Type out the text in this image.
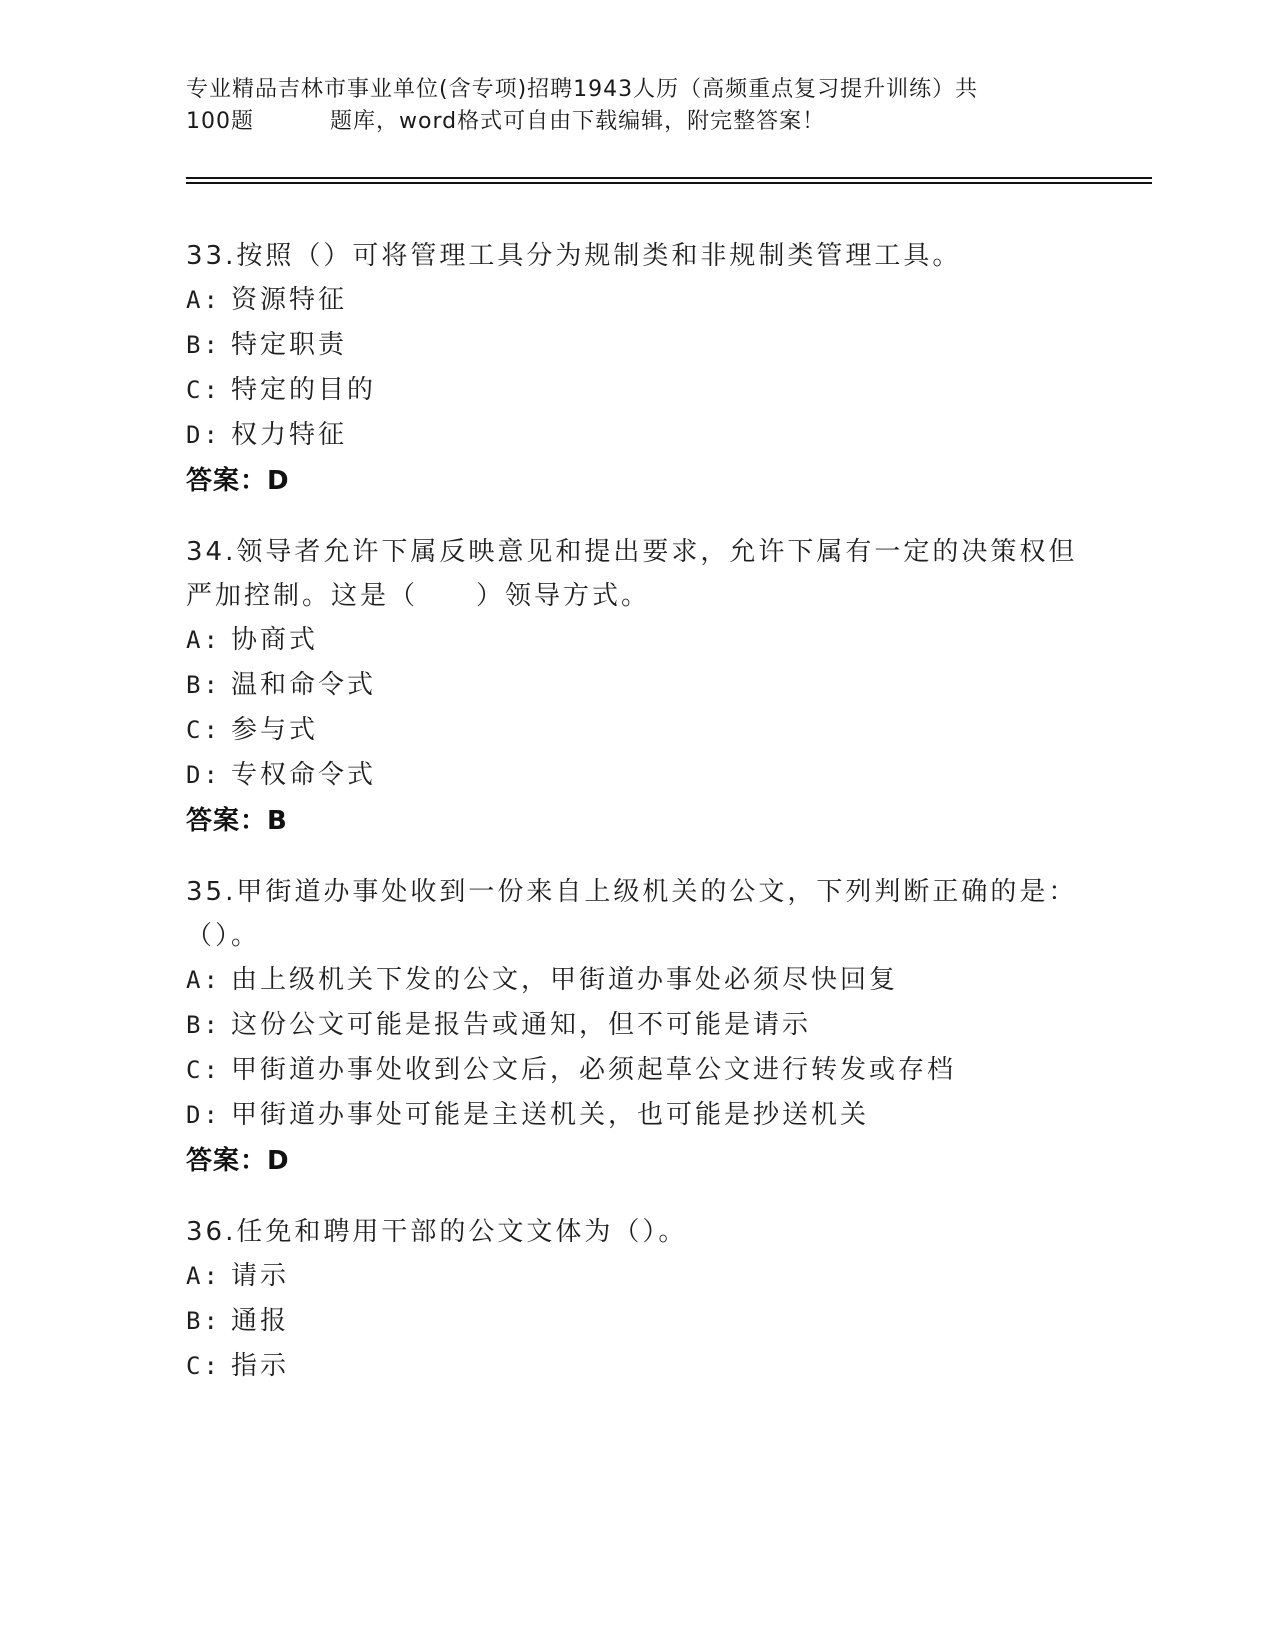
专业精品吉林市事业单位(含专项)招聘1943人历（高频重点复习提升训练）共
100题	题库，word格式可自由下载编辑，附完整答案！

33.按照（）可将管理工具分为规制类和非规制类管理工具。

A: 资源特征
B: 特定职责
C: 特定的目的
D: 权力特征
答案：D

34.领导者允许下属反映意见和提出要求，允许下属有一定的决策权但
严加控制。这是（　　）领导方式。

A: 协商式
B: 温和命令式
C: 参与式
D: 专权命令式
答案：B

35.甲街道办事处收到一份来自上级机关的公文，下列判断正确的是：
（）。

A: 由上级机关下发的公文，甲街道办事处必须尽快回复
B: 这份公文可能是报告或通知，但不可能是请示
C: 甲街道办事处收到公文后，必须起草公文进行转发或存档
D: 甲街道办事处可能是主送机关，也可能是抄送机关
答案：D

36.任免和聘用干部的公文文体为（）。

A: 请示
B: 通报
C: 指示
